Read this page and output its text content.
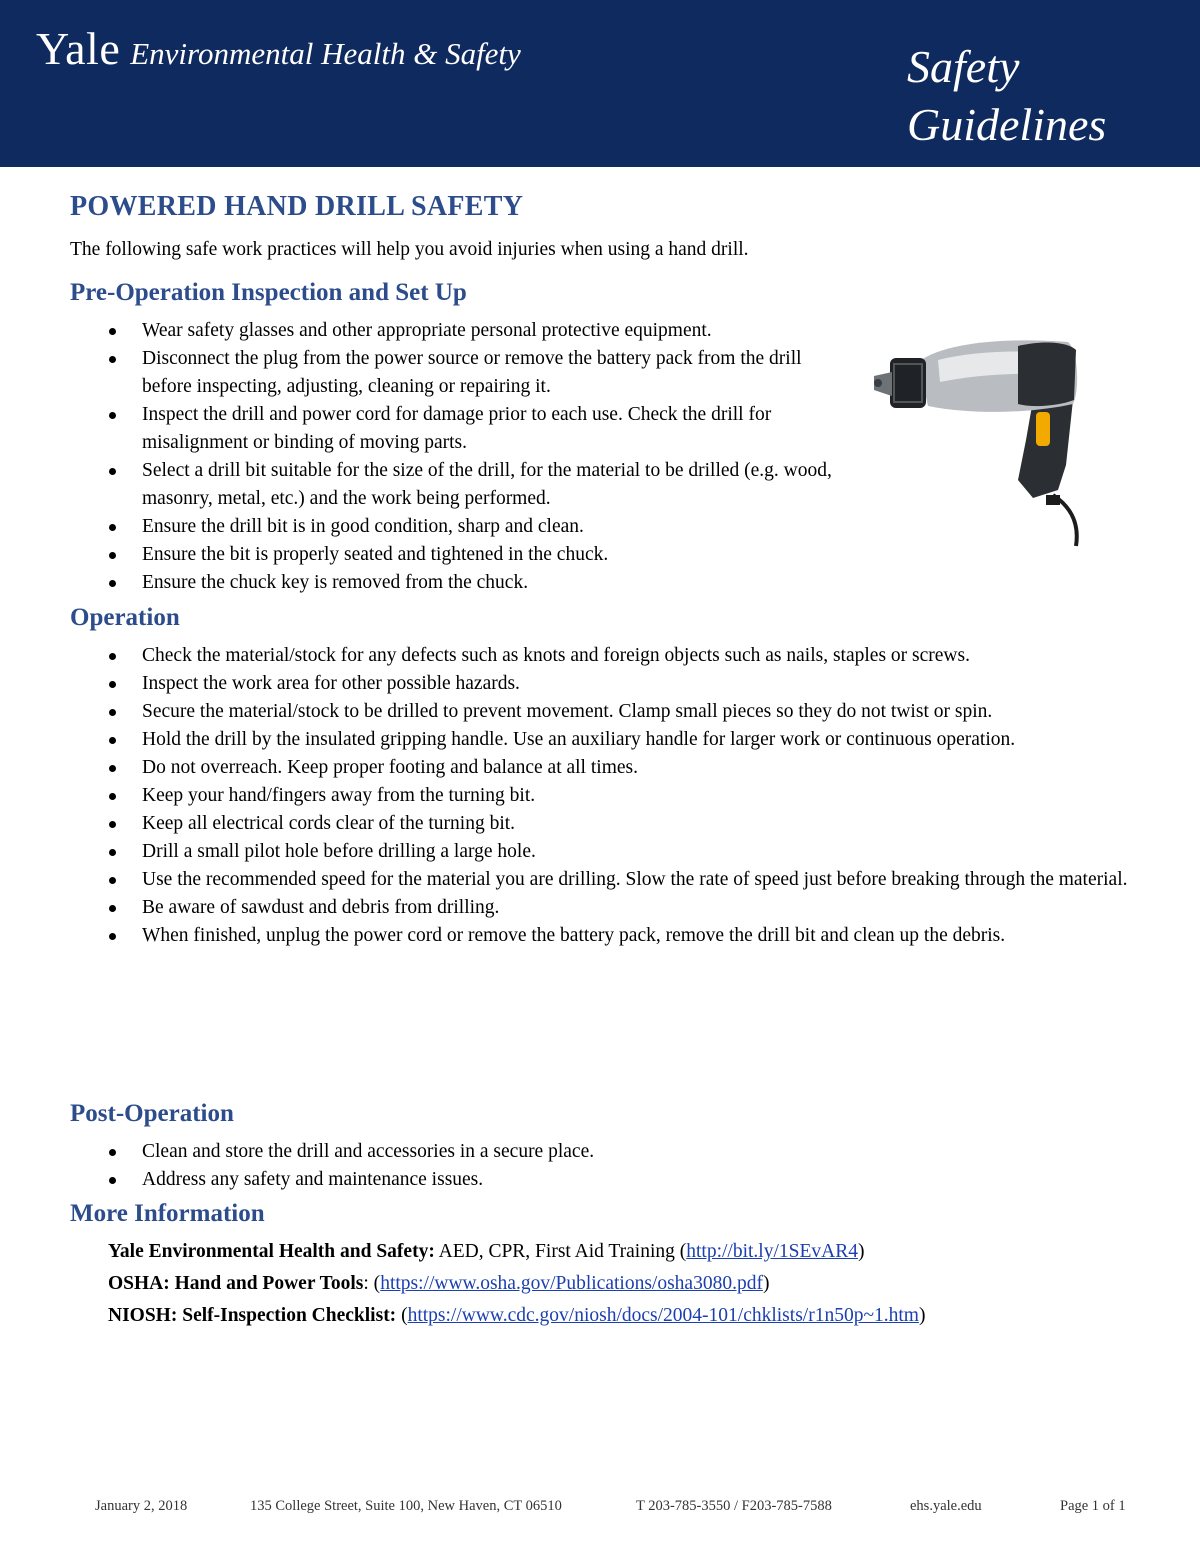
Yale Environmental Health & Safety	Safety
Guidelines
POWERED HAND DRILL SAFETY

The following safe work practices will help you avoid injuries when using a hand drill.

Pre-Operation Inspection and Set Up
Wear safety glasses and other appropriate personal protective equipment.
Disconnect the plug from the power source or remove the battery pack from the drill before inspecting, adjusting, cleaning or repairing it.
Inspect the drill and power cord for damage prior to each use. Check the drill for misalignment or binding of moving parts.
Select a drill bit suitable for the size of the drill, for the material to be drilled (e.g. wood, masonry, metal, etc.) and the work being performed.
Ensure the drill bit is in good condition, sharp and clean.
Ensure the bit is properly seated and tightened in the chuck.
Ensure the chuck key is removed from the chuck.
Operation
Check the material/stock for any defects such as knots and foreign objects such as nails, staples or screws.
Inspect the work area for other possible hazards.
Secure the material/stock to be drilled to prevent movement. Clamp small pieces so they do not twist or spin.
Hold the drill by the insulated gripping handle. Use an auxiliary handle for larger work or continuous operation.
Do not overreach. Keep proper footing and balance at all times.
Keep your hand/fingers away from the turning bit.
Keep all electrical cords clear of the turning bit.
Drill a small pilot hole before drilling a large hole.
Use the recommended speed for the material you are drilling. Slow the rate of speed just before breaking through the material.
Be aware of sawdust and debris from drilling.
When finished, unplug the power cord or remove the battery pack, remove the drill bit and clean up the debris.
Post-Operation
Clean and store the drill and accessories in a secure place.
Address any safety and maintenance issues.
More Information
Yale Environmental Health and Safety: AED, CPR, First Aid Training (http://bit.ly/1SEvAR4)
OSHA: Hand and Power Tools: (https://www.osha.gov/Publications/osha3080.pdf)
NIOSH: Self-Inspection Checklist: (https://www.cdc.gov/niosh/docs/2004-101/chklists/r1n50p~1.htm)
January 2, 2018	135 College Street, Suite 100, New Haven, CT 06510	T 203-785-3550 / F203-785-7588	ehs.yale.edu	Page 1 of 1
